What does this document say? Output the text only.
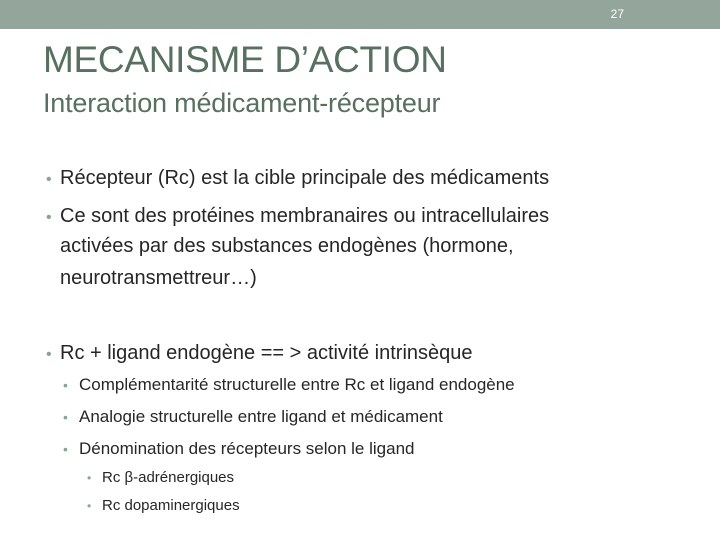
27
MECANISME D’ACTION
Interaction médicament-récepteur
• Récepteur (Rc) est la cible principale des médicaments
• Ce sont des protéines membranaires ou intracellulaires
activées par des substances endogènes (hormone,
neurotransmettreur…)
• Rc + ligand endogène == > activité intrinsèque
• Complémentarité structurelle entre Rc et ligand endogène
• Analogie structurelle entre ligand et médicament
• Dénomination des récepteurs selon le ligand
• Rc β-adrénergiques
• Rc dopaminergiques
